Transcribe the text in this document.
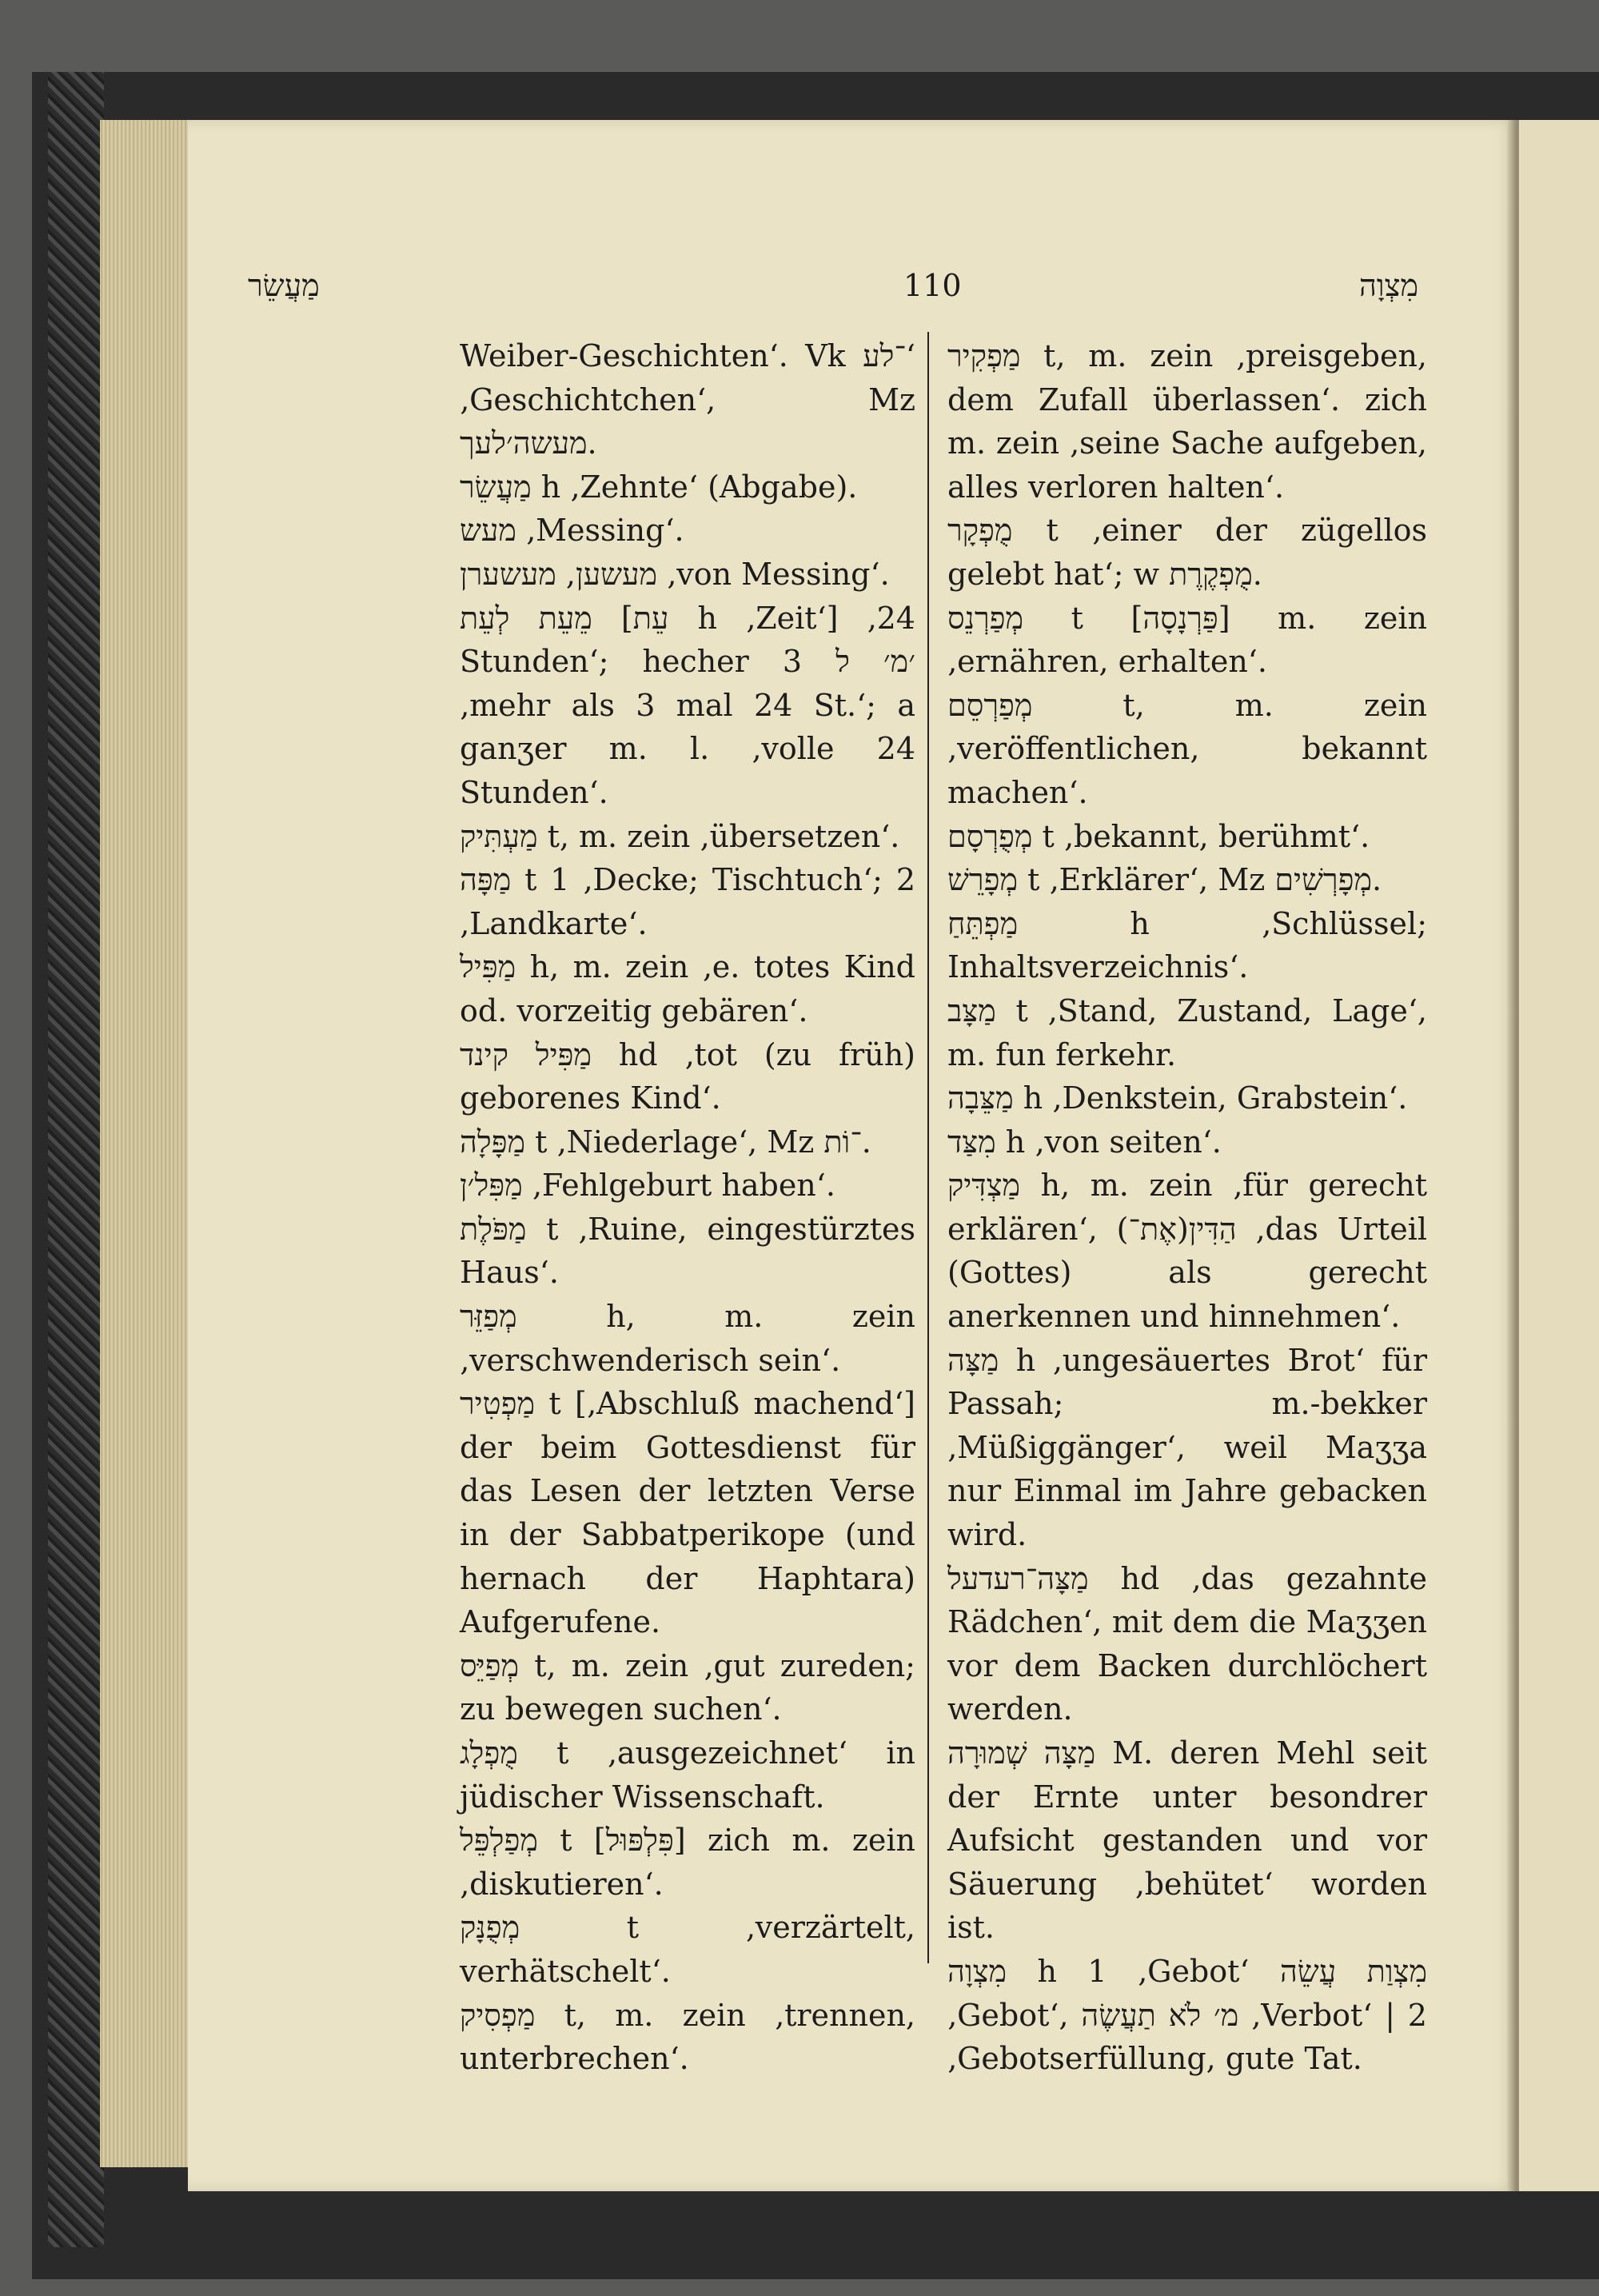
מַעֲשֵׂר	110	מִצְוָה

Weiber-Geschichten‘. Vk ־לע‘ ‚Geschichtchen‘, Mz מעשה׳לעך.

מַעֲשֵׂר h ‚Zehnte‘ (Abgabe).

מעש ‚Messing‘.

מעשען, מעשערן ‚von Messing‘.

מֵעֵת לְעֵת [עֵת h ‚Zeit‘] ‚24 Stunden‘; hecher 3 ׳מ׳ ל ‚mehr als 3 mal 24 St.‘; a ganʒer m. l. ‚volle 24 Stunden‘.

מַעְתִּיק t, m. zein ‚übersetzen‘.

מַפָּה t 1 ‚Decke; Tischtuch‘; 2 ‚Landkarte‘.

מַפִּיל h, m. zein ‚e. totes Kind od. vorzeitig gebären‘.

מַפִּיל קינד hd ‚tot (zu früh) geborenes Kind‘.

מַפָּלָה t ‚Niederlage‘, Mz ־וֹת.

מַפִּל׳ן ‚Fehlgeburt haben‘.

מַפֹּלֶת t ‚Ruine, eingestürztes Haus‘.

מְפַזֵּר h, m. zein ‚verschwenderisch sein‘.

מַפְטִיר t [‚Abschluß machend‘] der beim Gottesdienst für das Lesen der letzten Verse in der Sabbatperikope (und hernach der Haphtara) Aufgerufene.

מְפַיֵּס t, m. zein ‚gut zureden; zu bewegen suchen‘.

מֻפְלָג t ‚ausgezeichnet‘ in jüdischer Wissenschaft.

מְפַלְפֵּל t [פִּלְפּוּל] zich m. zein ‚diskutieren‘.

מְפֻנָּק t ‚verzärtelt, verhätschelt‘.

מַפְסִיק t, m. zein ‚trennen, unterbrechen‘.

מַפְקִיר t, m. zein ‚preisgeben, dem Zufall überlassen‘. zich m. zein ‚seine Sache aufgeben, alles verloren halten‘.

מֻפְקָר t ‚einer der zügellos gelebt hat‘; w מֻפְקֶרֶת.

מְפַרְנֵס t [פַּרְנָסָה] m. zein ‚ernähren, erhalten‘.

מְפַרְסֵם t, m. zein ‚veröffentlichen, bekannt machen‘.

מְפֻרְסָם t ‚bekannt, berühmt‘.

מְפָרֵשׁ t ‚Erklärer‘, Mz מְפָרְשִׁים.

מַפְתֵּחַ h ‚Schlüssel; Inhaltsverzeichnis‘.

מַצָּב t ‚Stand, Zustand, Lage‘, m. fun ferkehr.

מַצֵּבָה h ‚Denkstein, Grabstein‘.

מִצַּד h ‚von seiten‘.

מַצְדִּיק h, m. zein ‚für gerecht erklären‘, (אֶת־)הַדִּין ‚das Urteil (Gottes) als gerecht anerkennen und hinnehmen‘.

מַצָּה h ‚ungesäuertes Brot‘ für Passah; m.-bekker ‚Müßiggänger‘, weil Maʒʒa nur Einmal im Jahre gebacken wird.

מַצָּה־רעדעל hd ‚das gezahnte Rädchen‘, mit dem die Maʒʒen vor dem Backen durchlöchert werden.

מַצָּה שְׁמוּרָה M. deren Mehl seit der Ernte unter besondrer Aufsicht gestanden und vor Säuerung ‚behütet‘ worden ist.

מִצְוָה h 1 ‚Gebot‘ מִצְוַת עֲשֵׂה ‚Gebot‘, מ׳ לֹא תַעֲשֶׂה ‚Verbot‘ | 2 ‚Gebotserfüllung, gute Tat.
